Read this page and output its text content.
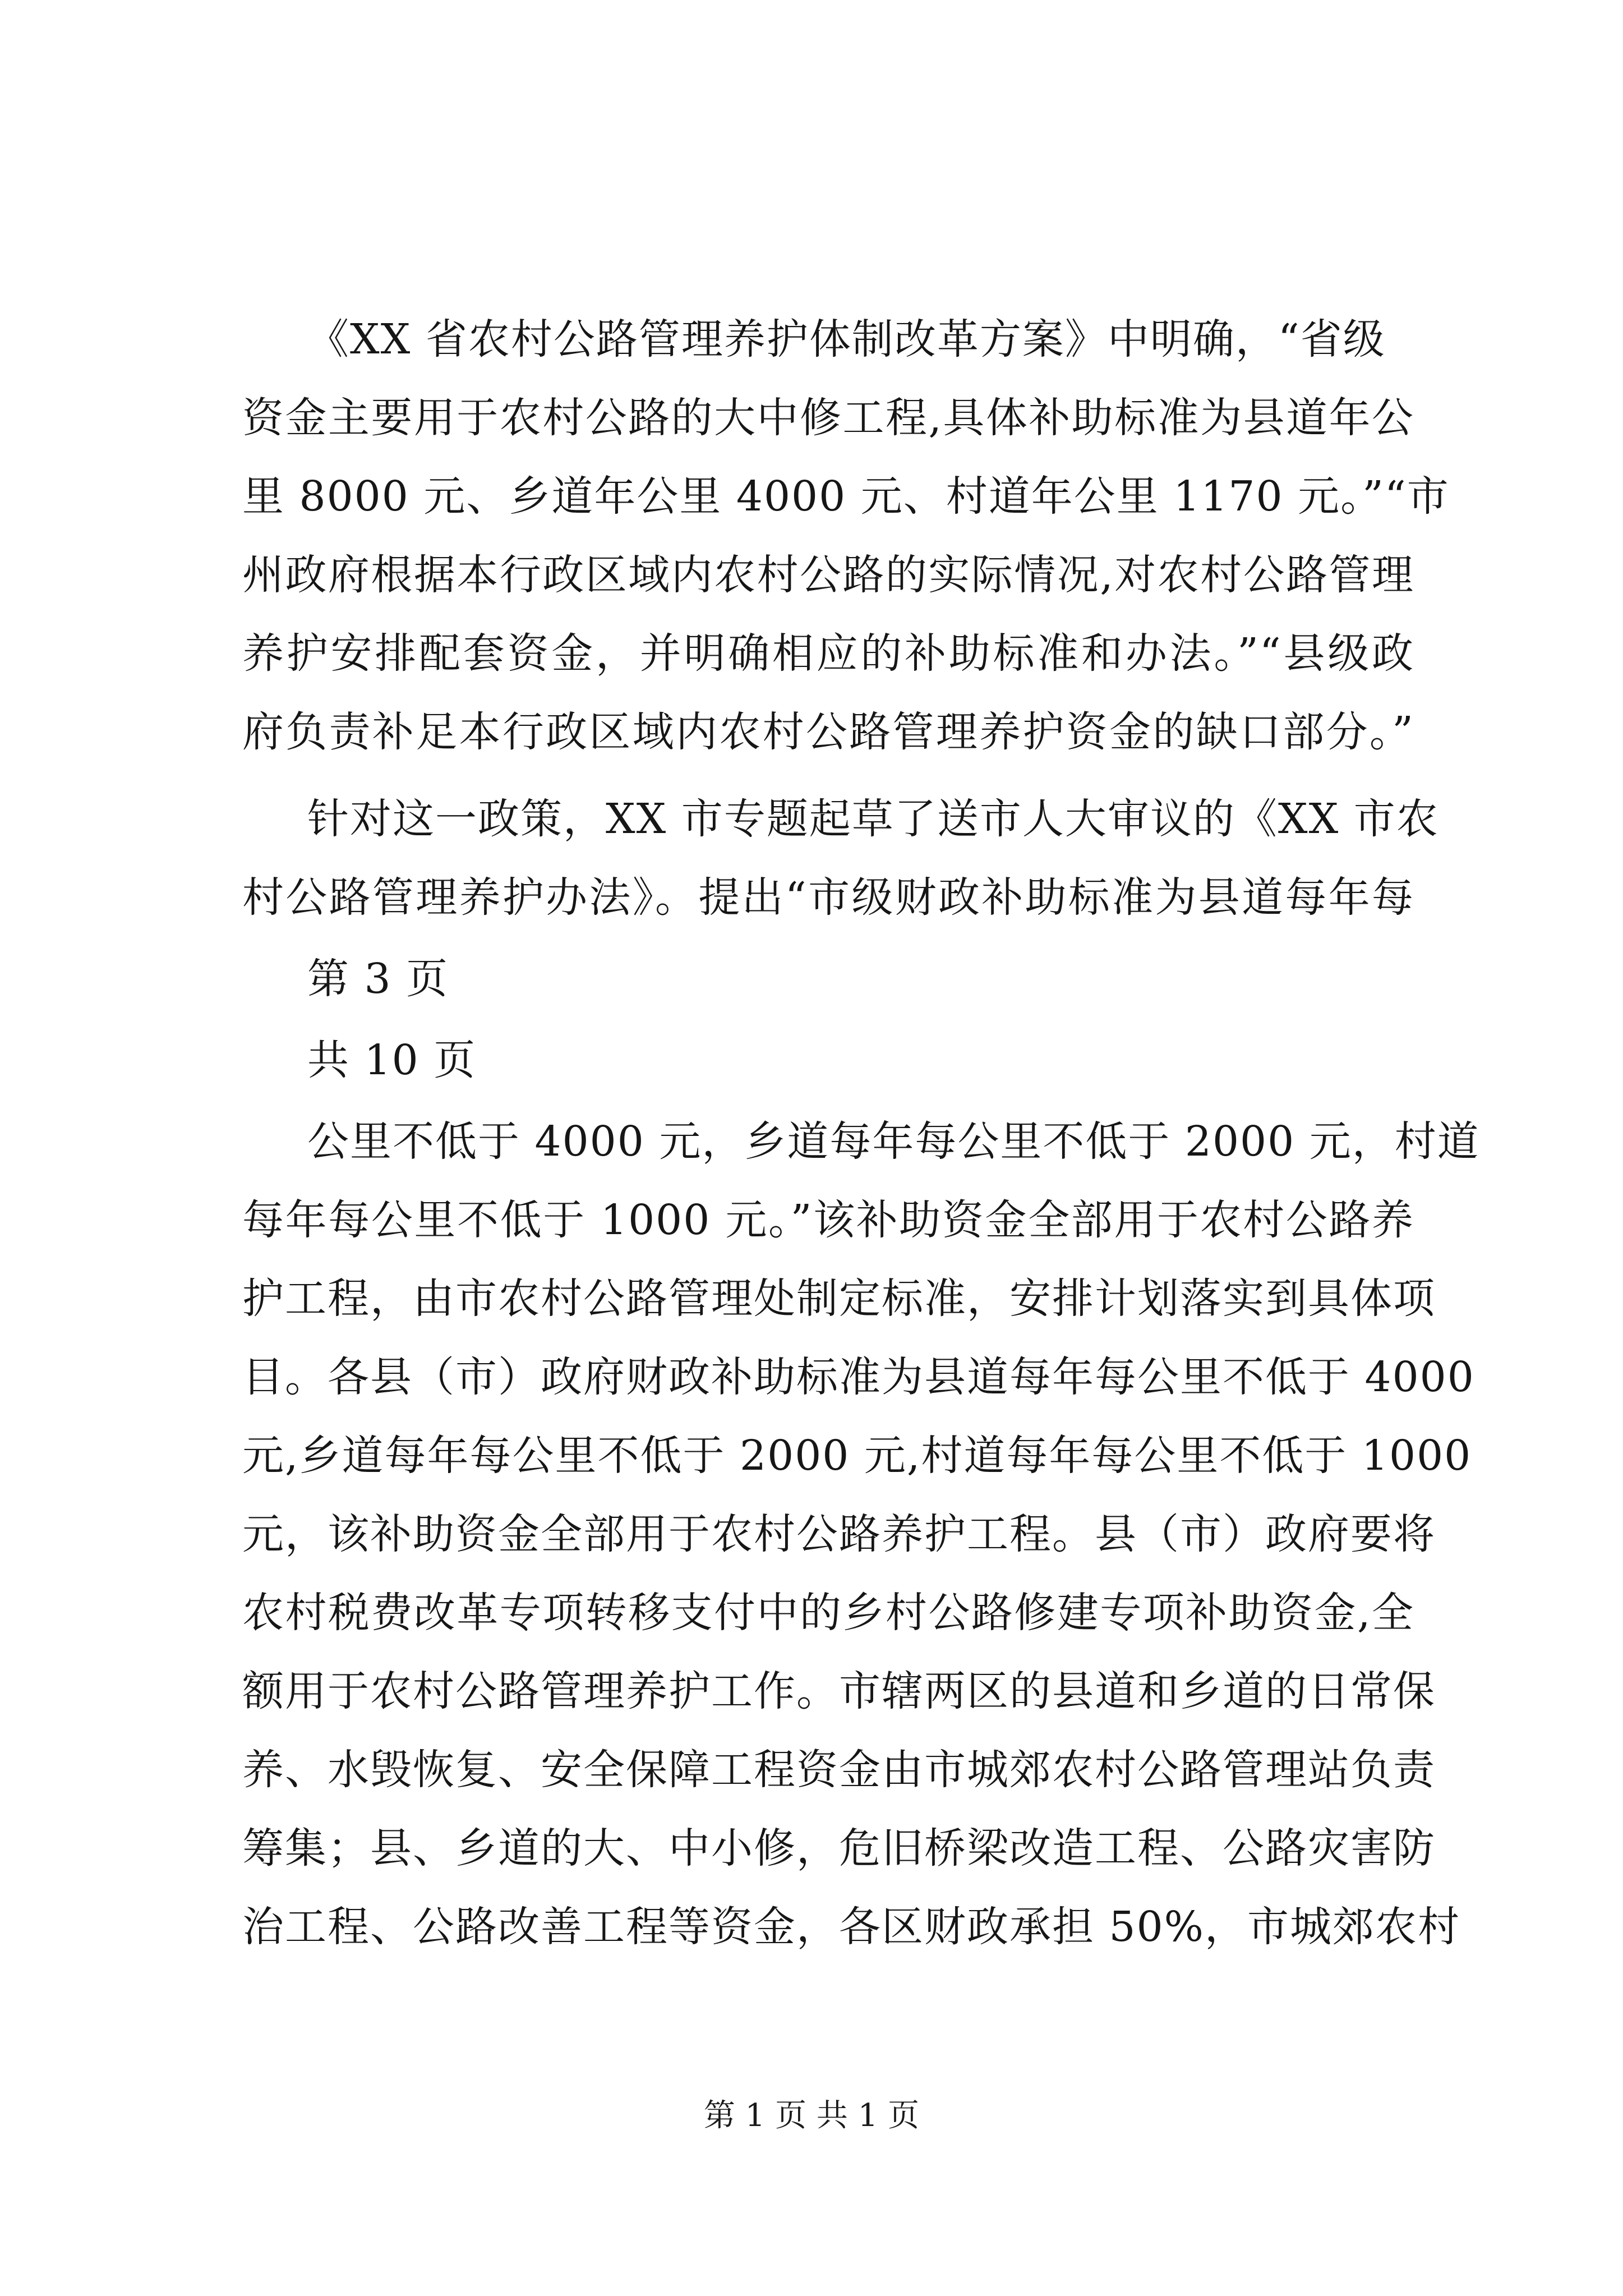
《XX 省农村公路管理养护体制改革方案》中明确，“省级
资金主要用于农村公路的大中修工程,具体补助标准为县道年公
里 8000 元、乡道年公里 4000 元、村道年公里 1170 元。”“市
州政府根据本行政区域内农村公路的实际情况,对农村公路管理
养护安排配套资金，并明确相应的补助标准和办法。”“县级政
府负责补足本行政区域内农村公路管理养护资金的缺口部分。”
针对这一政策，XX 市专题起草了送市人大审议的《XX 市农
村公路管理养护办法》。提出“市级财政补助标准为县道每年每
第 3 页
共 10 页
公里不低于 4000 元，乡道每年每公里不低于 2000 元，村道
每年每公里不低于 1000 元。”该补助资金全部用于农村公路养
护工程，由市农村公路管理处制定标准，安排计划落实到具体项
目。各县（市）政府财政补助标准为县道每年每公里不低于 4000
元,乡道每年每公里不低于 2000 元,村道每年每公里不低于 1000
元，该补助资金全部用于农村公路养护工程。县（市）政府要将
农村税费改革专项转移支付中的乡村公路修建专项补助资金,全
额用于农村公路管理养护工作。市辖两区的县道和乡道的日常保
养、水毁恢复、安全保障工程资金由市城郊农村公路管理站负责
筹集；县、乡道的大、中小修，危旧桥梁改造工程、公路灾害防
治工程、公路改善工程等资金，各区财政承担 50%，市城郊农村
第 1 页 共 1 页
